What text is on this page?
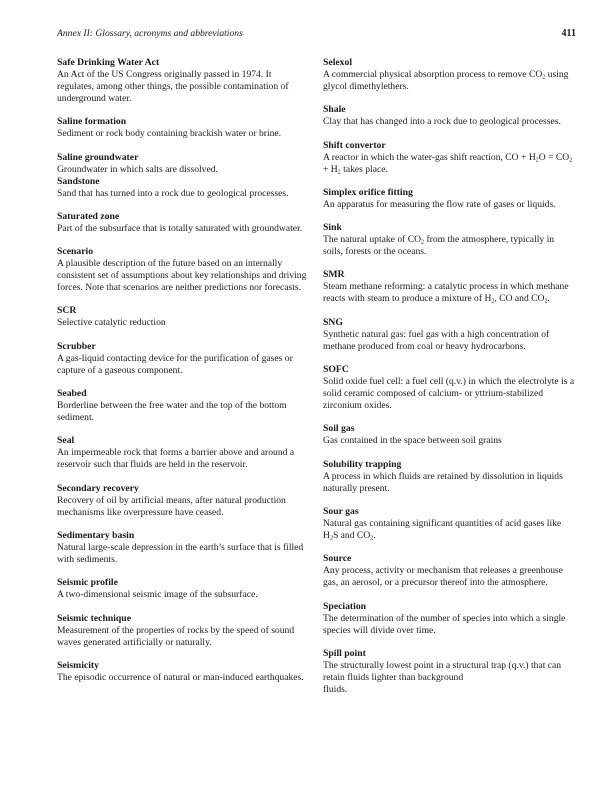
Annex II: Glossary, acronyms and abbreviations	411
Safe Drinking Water Act
An Act of the US Congress originally passed in 1974. It regulates, among other things, the possible contamination of underground water.
Saline formation
Sediment or rock body containing brackish water or brine.
Saline groundwater
Groundwater in which salts are dissolved.
Sandstone
Sand that has turned into a rock due to geological processes.
Saturated zone
Part of the subsurface that is totally saturated with groundwater.
Scenario
A plausible description of the future based on an internally consistent set of assumptions about key relationships and driving forces. Note that scenarios are neither predictions nor forecasts.
SCR
Selective catalytic reduction
Scrubber
A gas-liquid contacting device for the purification of gases or capture of a gaseous component.
Seabed
Borderline between the free water and the top of the bottom sediment.
Seal
An impermeable rock that forms a barrier above and around a reservoir such that fluids are held in the reservoir.
Secondary recovery
Recovery of oil by artificial means, after natural production mechanisms like overpressure have ceased.
Sedimentary basin
Natural large-scale depression in the earth’s surface that is filled with sediments.
Seismic profile
A two-dimensional seismic image of the subsurface.
Seismic technique
Measurement of the properties of rocks by the speed of sound waves generated artificially or naturally.
Seismicity
The episodic occurrence of natural or man-induced earthquakes.
Selexol
A commercial physical absorption process to remove $CO_2$ using glycol dimethylethers.
Shale
Clay that has changed into a rock due to geological processes.
Shift convertor
A reactor in which the water-gas shift reaction, CO + $H_2O = CO_2 + H_2$ takes place.
Simplex orifice fitting
An apparatus for measuring the flow rate of gases or liquids.
Sink
The natural uptake of $CO_2$ from the atmosphere, typically in soils, forests or the oceans.
SMR
Steam methane reforming: a catalytic process in which methane reacts with steam to produce a mixture of $H_2$, CO and $CO_2$.
SNG
Synthetic natural gas: fuel gas with a high concentration of methane produced from coal or heavy hydrocarbons.
SOFC
Solid oxide fuel cell: a fuel cell (q.v.) in which the electrolyte is a solid ceramic composed of calcium- or yttrium-stabilized zirconium oxides.
Soil gas
Gas contained in the space between soil grains
Solubility trapping
A process in which fluids are retained by dissolution in liquids naturally present.
Sour gas
Natural gas containing significant quantities of acid gases like $H_2S$ and $CO_2$.
Source
Any process, activity or mechanism that releases a greenhouse gas, an aerosol, or a precursor thereof into the atmosphere.
Speciation
The determination of the number of species into which a single species will divide over time.
Spill point
The structurally lowest point in a structural trap (q.v.) that can retain fluids lighter than background
fluids.
